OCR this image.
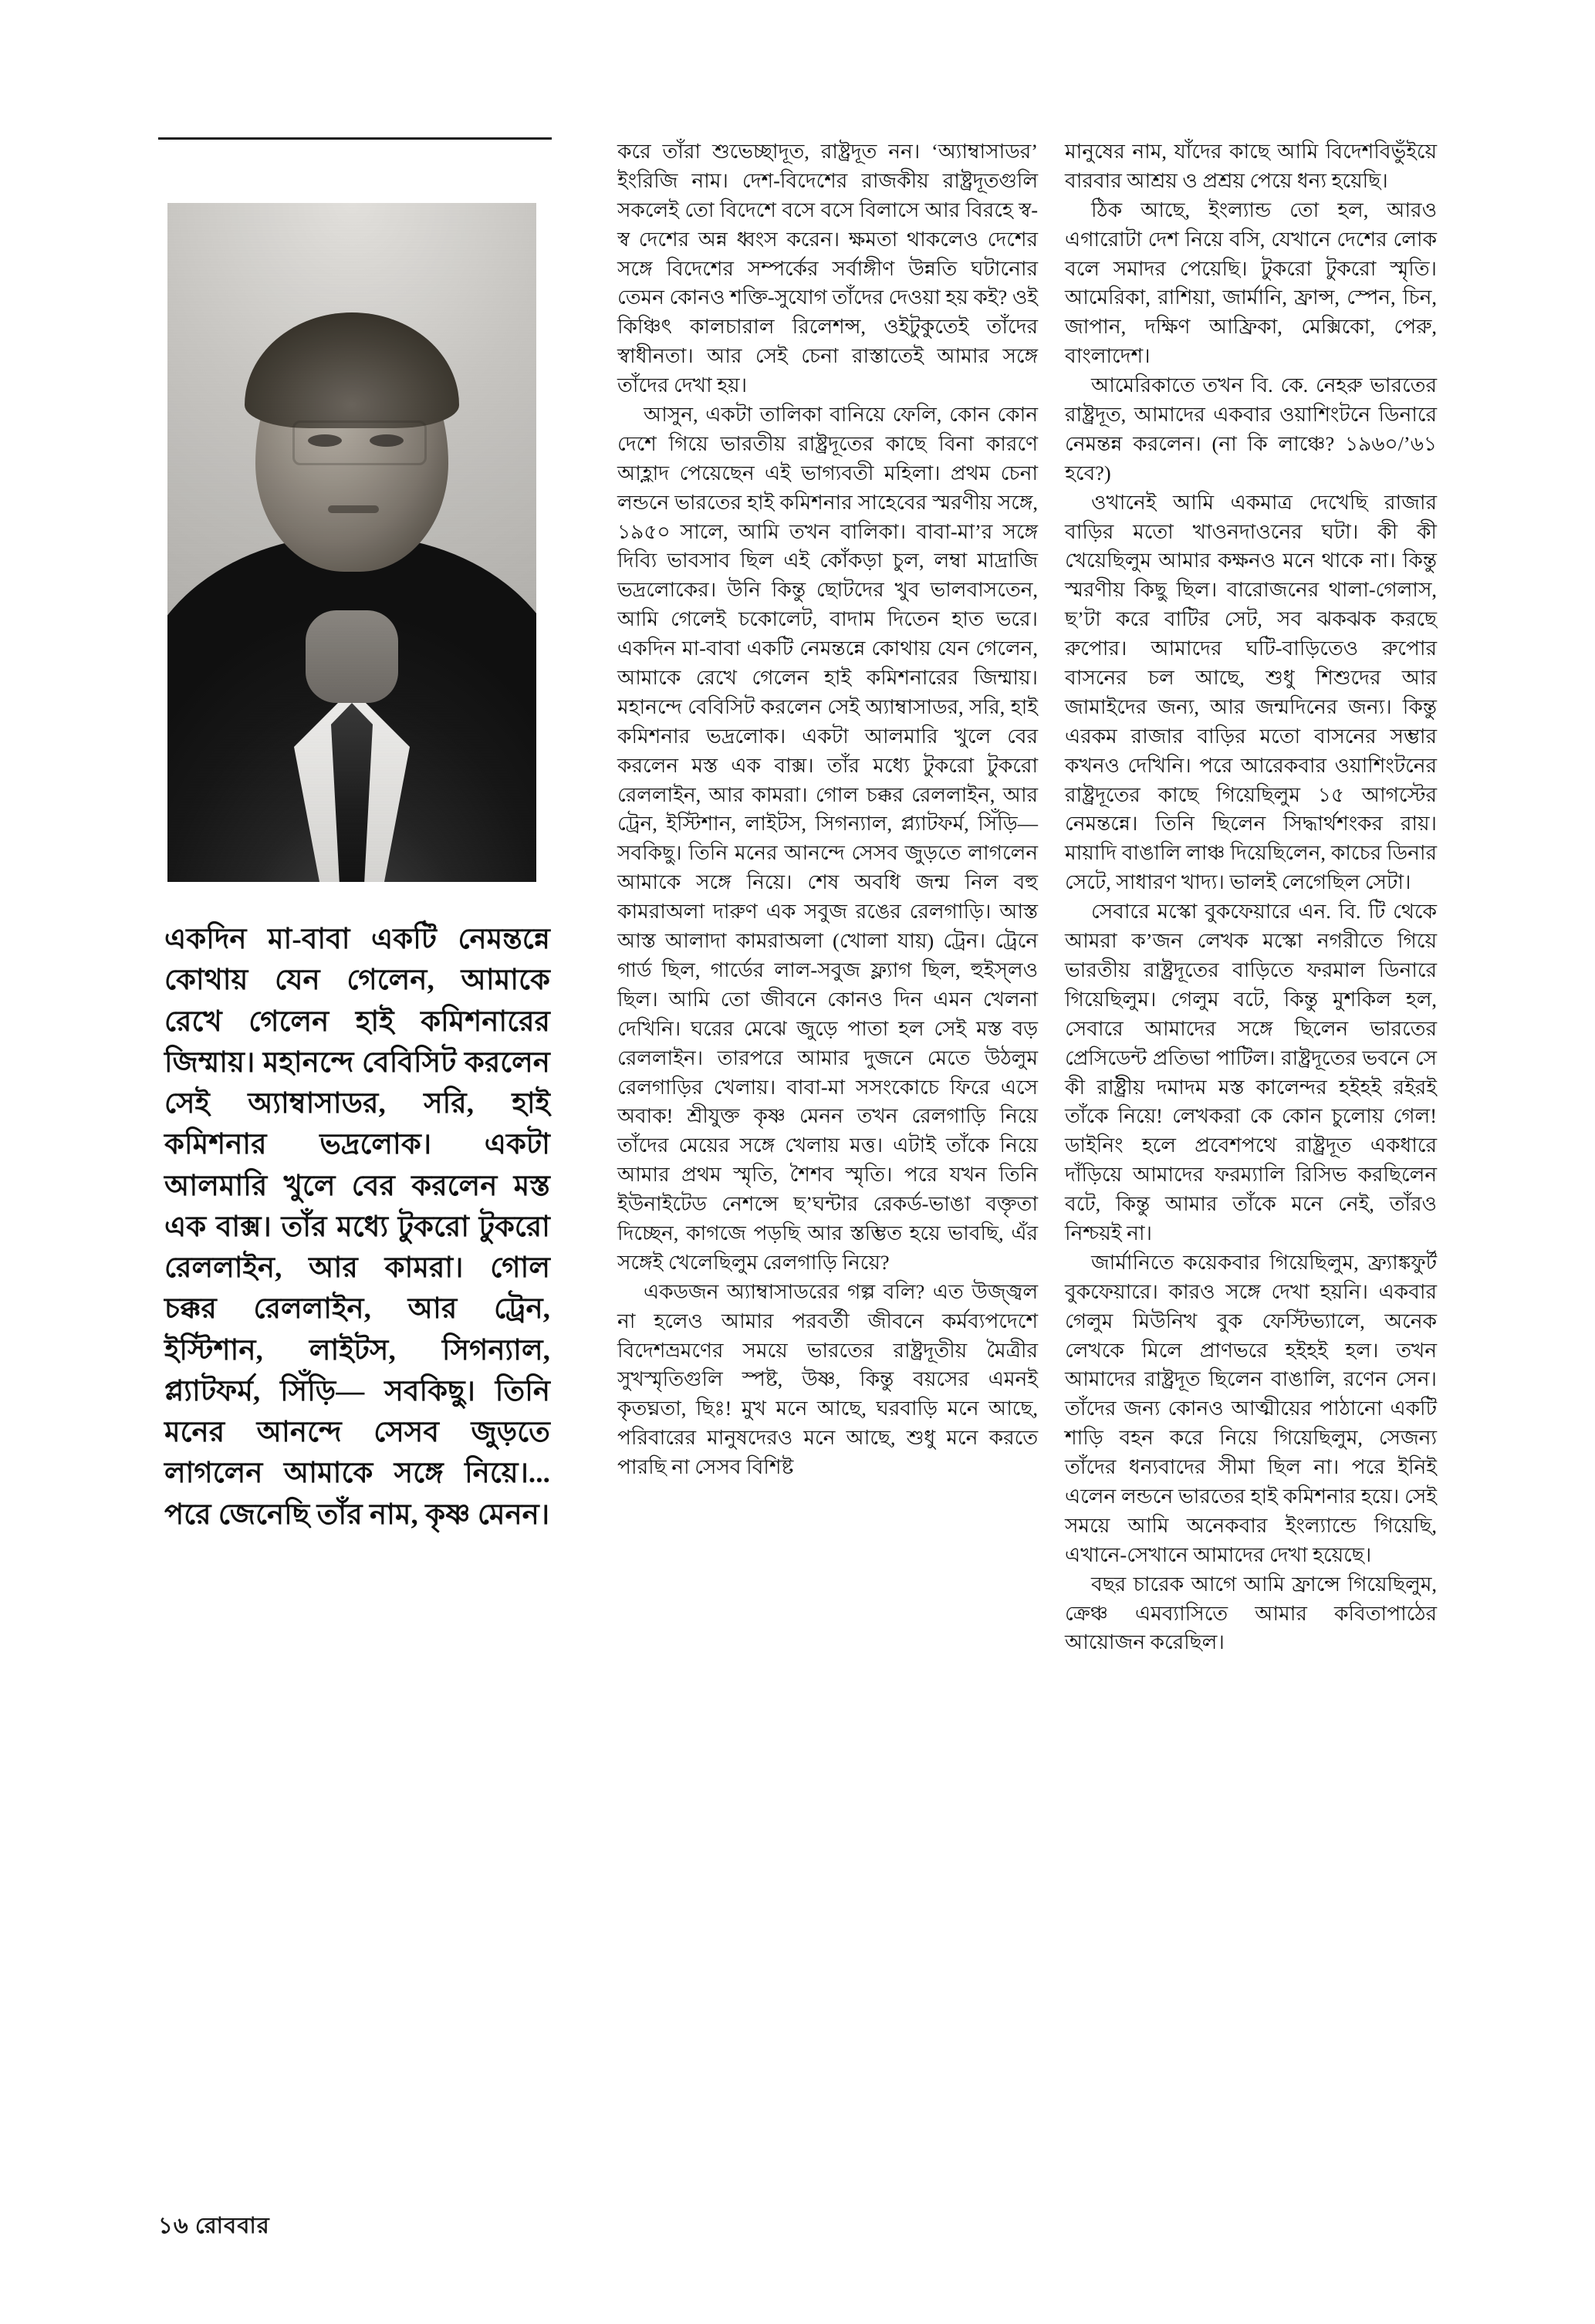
একদিন মা-বাবা একটি নেমন্তন্নে কোথায় যেন গেলেন, আমাকে রেখে গেলেন হাই কমিশনারের জিম্মায়। মহানন্দে বেবিসিট করলেন সেই অ্যাম্বাসাডর, সরি, হাই কমিশনার ভদ্রলোক। একটা আলমারি খুলে বের করলেন মস্ত এক বাক্স। তাঁর মধ্যে টুকরো টুকরো রেললাইন, আর কামরা। গোল চক্কর রেললাইন, আর ট্রেন, ইস্টিশান, লাইটস, সিগন্যাল, প্ল্যাটফর্ম, সিঁড়ি— সবকিছু। তিনি মনের আনন্দে সেসব জুড়তে লাগলেন আমাকে সঙ্গে নিয়ে।... পরে জেনেছি তাঁর নাম, কৃষ্ণ মেনন।

করে তাঁরা শুভেচ্ছাদূত, রাষ্ট্রদূত নন। ‘অ্যাম্বাসাডর’ ইংরিজি নাম। দেশ-বিদেশের রাজকীয় রাষ্ট্রদূতগুলি সকলেই তো বিদেশে বসে বসে বিলাসে আর বিরহে স্ব-স্ব দেশের অন্ন ধ্বংস করেন। ক্ষমতা থাকলেও দেশের সঙ্গে বিদেশের সম্পর্কের সর্বাঙ্গীণ উন্নতি ঘটানোর তেমন কোনও শক্তি-সুযোগ তাঁদের দেওয়া হয় কই? ওই কিঞ্চিৎ কালচারাল রিলেশন্স, ওইটুকুতেই তাঁদের স্বাধীনতা। আর সেই চেনা রাস্তাতেই আমার সঙ্গে তাঁদের দেখা হয়।

আসুন, একটা তালিকা বানিয়ে ফেলি, কোন কোন দেশে গিয়ে ভারতীয় রাষ্ট্রদূতের কাছে বিনা কারণে আহ্লাদ পেয়েছেন এই ভাগ্যবতী মহিলা। প্রথম চেনা লন্ডনে ভারতের হাই কমিশনার সাহেবের স্মরণীয় সঙ্গে, ১৯৫০ সালে, আমি তখন বালিকা। বাবা-মা’র সঙ্গে দিব্যি ভাবসাব ছিল এই কোঁকড়া চুল, লম্বা মাদ্রাজি ভদ্রলোকের। উনি কিন্তু ছোটদের খুব ভালবাসতেন, আমি গেলেই চকোলেট, বাদাম দিতেন হাত ভরে। একদিন মা-বাবা একটি নেমন্তন্নে কোথায় যেন গেলেন, আমাকে রেখে গেলেন হাই কমিশনারের জিম্মায়। মহানন্দে বেবিসিট করলেন সেই অ্যাম্বাসাডর, সরি, হাই কমিশনার ভদ্রলোক। একটা আলমারি খুলে বের করলেন মস্ত এক বাক্স। তাঁর মধ্যে টুকরো টুকরো রেললাইন, আর কামরা। গোল চক্কর রেললাইন, আর ট্রেন, ইস্টিশান, লাইটস, সিগন্যাল, প্ল্যাটফর্ম, সিঁড়ি— সবকিছু। তিনি মনের আনন্দে সেসব জুড়তে লাগলেন আমাকে সঙ্গে নিয়ে। শেষ অবধি জন্ম নিল বহু কামরাঅলা দারুণ এক সবুজ রঙের রেলগাড়ি। আস্ত আস্ত আলাদা কামরাঅলা (খোলা যায়) ট্রেন। ট্রেনে গার্ড ছিল, গার্ডের লাল-সবুজ ফ্ল্যাগ ছিল, হুইস্‌লও ছিল। আমি তো জীবনে কোনও দিন এমন খেলনা দেখিনি। ঘরের মেঝে জুড়ে পাতা হল সেই মস্ত বড় রেললাইন। তারপরে আমার দুজনে মেতে উঠলুম রেলগাড়ির খেলায়। বাবা-মা সসংকোচে ফিরে এসে অবাক! শ্রীযুক্ত কৃষ্ণ মেনন তখন রেলগাড়ি নিয়ে তাঁদের মেয়ের সঙ্গে খেলায় মত্ত। এটাই তাঁকে নিয়ে আমার প্রথম স্মৃতি, শৈশব স্মৃতি। পরে যখন তিনি ইউনাইটেড নেশন্সে ছ’ঘন্টার রেকর্ড-ভাঙা বক্তৃতা দিচ্ছেন, কাগজে পড়ছি আর স্তম্ভিত হয়ে ভাবছি, এঁর সঙ্গেই খেলেছিলুম রেলগাড়ি নিয়ে?

একডজন অ্যাম্বাসাডরের গল্প বলি? এত উজ্জ্বল না হলেও আমার পরবর্তী জীবনে কর্মব্যপদেশে বিদেশভ্রমণের সময়ে ভারতের রাষ্ট্রদূতীয় মৈত্রীর সুখস্মৃতিগুলি স্পষ্ট, উষ্ণ, কিন্তু বয়সের এমনই কৃতঘ্নতা, ছিঃ! মুখ মনে আছে, ঘরবাড়ি মনে আছে, পরিবারের মানুষদেরও মনে আছে, শুধু মনে করতে পারছি না সেসব বিশিষ্ট

মানুষের নাম, যাঁদের কাছে আমি বিদেশবিভুঁইয়ে বারবার আশ্রয় ও প্রশ্রয় পেয়ে ধন্য হয়েছি।

ঠিক আছে, ইংল্যান্ড তো হল, আরও এগারোটা দেশ নিয়ে বসি, যেখানে দেশের লোক বলে সমাদর পেয়েছি। টুকরো টুকরো স্মৃতি। আমেরিকা, রাশিয়া, জার্মানি, ফ্রান্স, স্পেন, চিন, জাপান, দক্ষিণ আফ্রিকা, মেক্সিকো, পেরু, বাংলাদেশ।

আমেরিকাতে তখন বি. কে. নেহরু ভারতের রাষ্ট্রদূত, আমাদের একবার ওয়াশিংটনে ডিনারে নেমন্তন্ন করলেন। (না কি লাঞ্চে? ১৯৬০/’৬১ হবে?)

ওখানেই আমি একমাত্র দেখেছি রাজার বাড়ির মতো খাওনদাওনের ঘটা। কী কী খেয়েছিলুম আমার কক্ষনও মনে থাকে না। কিন্তু স্মরণীয় কিছু ছিল। বারোজনের থালা-গেলাস, ছ’টা করে বাটির সেট, সব ঝকঝক করছে রুপোর। আমাদের ঘটি-বাড়িতেও রুপোর বাসনের চল আছে, শুধু শিশুদের আর জামাইদের জন্য, আর জন্মদিনের জন্য। কিন্তু এরকম রাজার বাড়ির মতো বাসনের সম্ভার কখনও দেখিনি। পরে আরেকবার ওয়াশিংটনের রাষ্ট্রদূতের কাছে গিয়েছিলুম ১৫ আগস্টের নেমন্তন্নে। তিনি ছিলেন সিদ্ধার্থশংকর রায়। মায়াদি বাঙালি লাঞ্চ দিয়েছিলেন, কাচের ডিনার সেটে, সাধারণ খাদ্য। ভালই লেগেছিল সেটা।

সেবারে মস্কো বুকফেয়ারে এন. বি. টি থেকে আমরা ক’জন লেখক মস্কো নগরীতে গিয়ে ভারতীয় রাষ্ট্রদূতের বাড়িতে ফরমাল ডিনারে গিয়েছিলুম। গেলুম বটে, কিন্তু মুশকিল হল, সেবারে আমাদের সঙ্গে ছিলেন ভারতের প্রেসিডেন্ট প্রতিভা পাটিল। রাষ্ট্রদূতের ভবনে সে কী রাষ্ট্রীয় দমাদম মস্ত কালেন্দর হইহই রইরই তাঁকে নিয়ে! লেখকরা কে কোন চুলোয় গেল! ডাইনিং হলে প্রবেশপথে রাষ্ট্রদূত একধারে দাঁড়িয়ে আমাদের ফরম্যালি রিসিভ করছিলেন বটে, কিন্তু আমার তাঁকে মনে নেই, তাঁরও নিশ্চয়ই না।

জার্মানিতে কয়েকবার গিয়েছিলুম, ফ্র্যাঙ্কফুর্ট বুকফেয়ারে। কারও সঙ্গে দেখা হয়নি। একবার গেলুম মিউনিখ বুক ফেস্টিভ্যালে, অনেক লেখকে মিলে প্রাণভরে হইহই হল। তখন আমাদের রাষ্ট্রদূত ছিলেন বাঙালি, রণেন সেন। তাঁদের জন্য কোনও আত্মীয়ের পাঠানো একটি শাড়ি বহন করে নিয়ে গিয়েছিলুম, সেজন্য তাঁদের ধন্যবাদের সীমা ছিল না। পরে ইনিই এলেন লন্ডনে ভারতের হাই কমিশনার হয়ে। সেই সময়ে আমি অনেকবার ইংল্যান্ডে গিয়েছি, এখানে-সেখানে আমাদের দেখা হয়েছে।

বছর চারেক আগে আমি ফ্রান্সে গিয়েছিলুম, ক্রেঞ্চ এমব্যাসিতে আমার কবিতাপাঠের আয়োজন করেছিল।

১৬ রোববার
